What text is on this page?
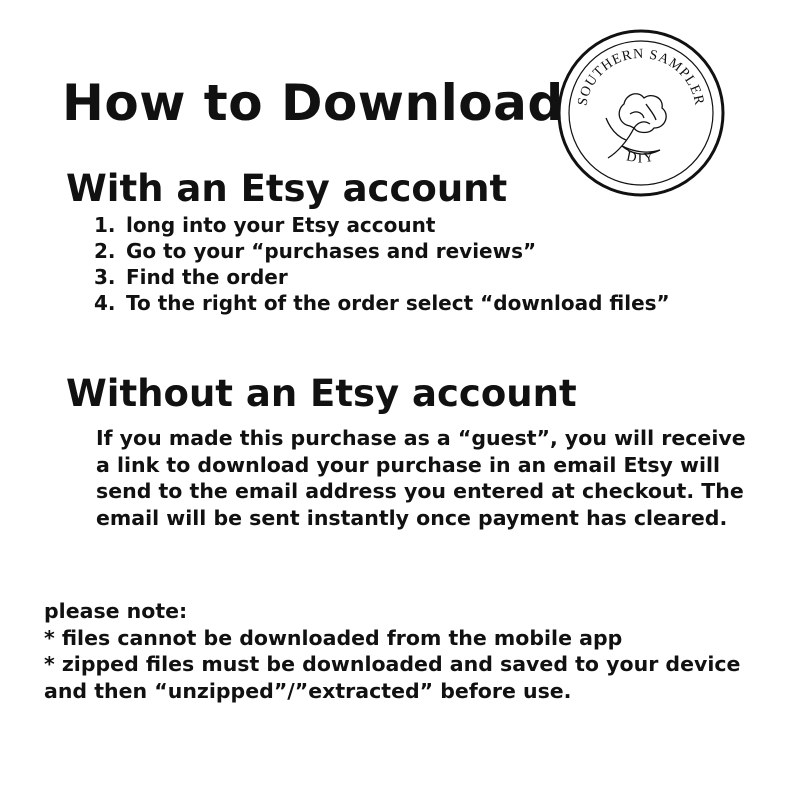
How to Download SOUTHERN SAMPLER
DIY
With an Etsy account
1. long into your Etsy account
2. Go to your “purchases and reviews”
3. Find the order
4. To the right of the order select “download files”
Without an Etsy account
If you made this purchase as a “guest”, you will receive
a link to download your purchase in an email Etsy will
send to the email address you entered at checkout. The
email will be sent instantly once payment has cleared.
please note:
* files cannot be downloaded from the mobile app
* zipped files must be downloaded and saved to your device
and then “unzipped”/”extracted” before use.
